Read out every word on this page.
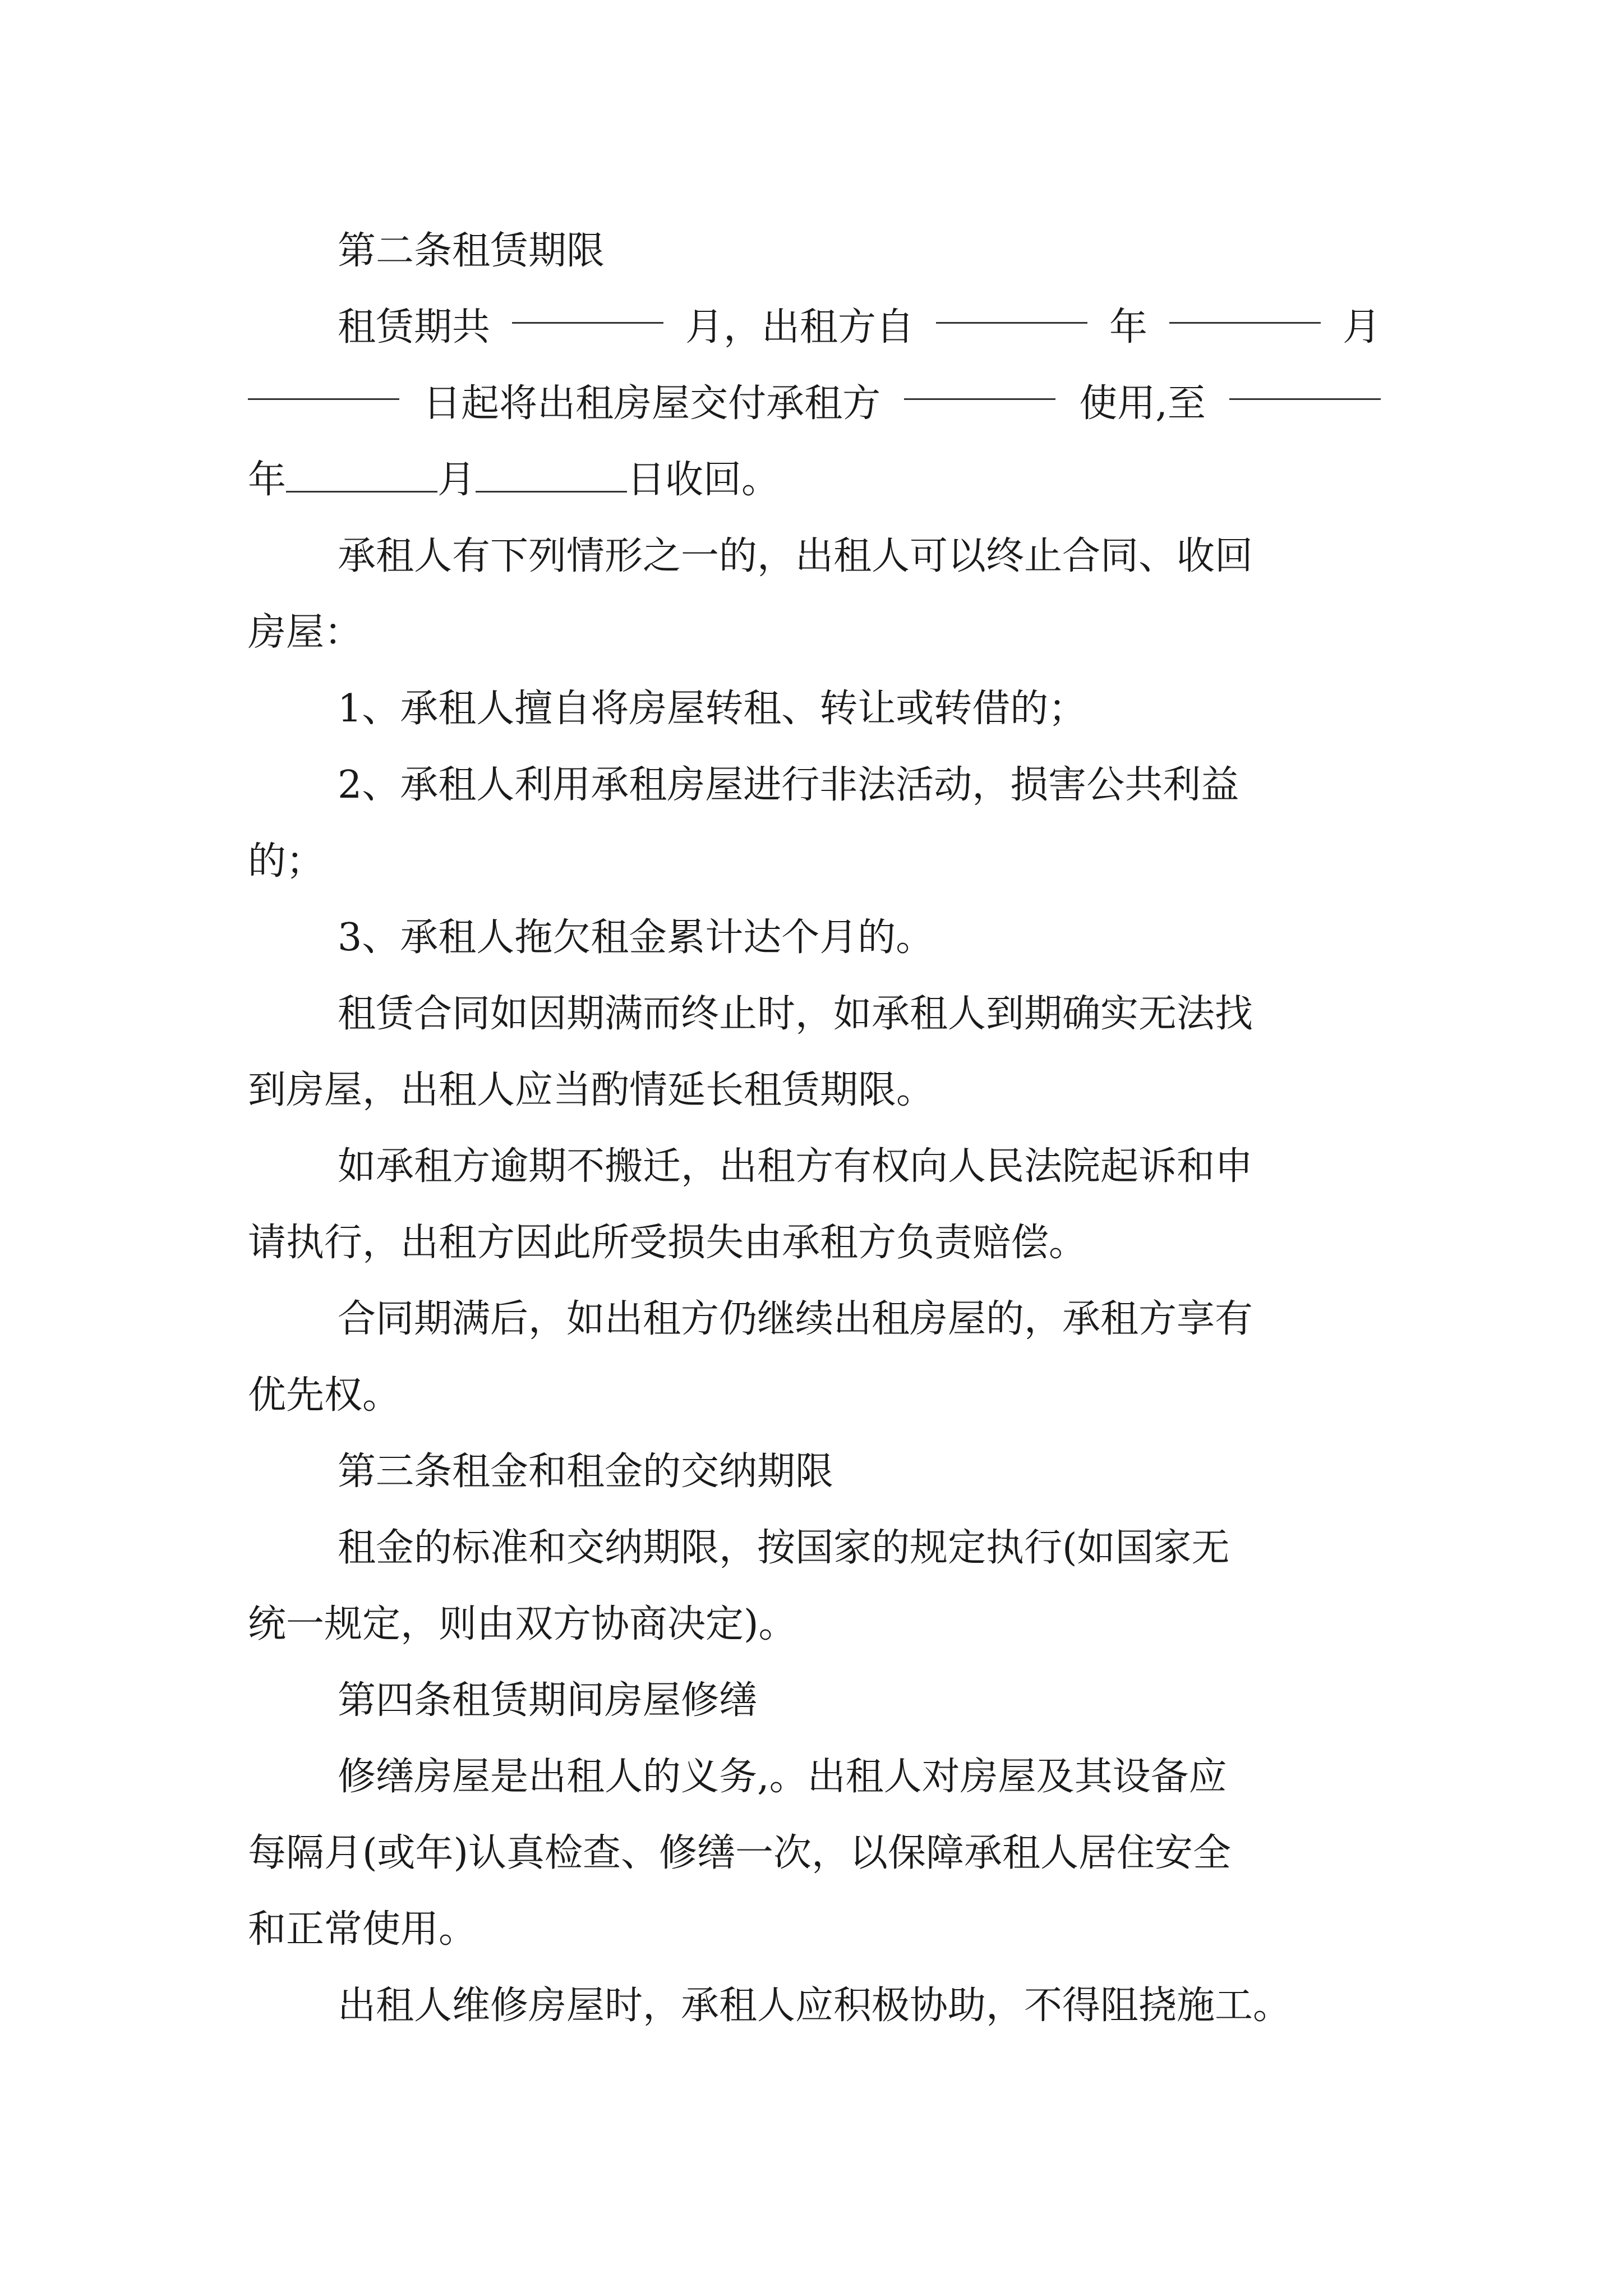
第二条租赁期限
租赁期共	月，出租方自	年	月
日起将出租房屋交付承租方	使用,至
年	月	日收回。
承租人有下列情形之一的，出租人可以终止合同、收回
房屋：
1、承租人擅自将房屋转租、转让或转借的；
2、承租人利用承租房屋进行非法活动，损害公共利益
的；
3、承租人拖欠租金累计达个月的。
租赁合同如因期满而终止时，如承租人到期确实无法找
到房屋，出租人应当酌情延长租赁期限。
如承租方逾期不搬迁，出租方有权向人民法院起诉和申
请执行，出租方因此所受损失由承租方负责赔偿。
合同期满后，如出租方仍继续出租房屋的，承租方享有
优先权。
第三条租金和租金的交纳期限
租金的标准和交纳期限，按国家的规定执行(如国家无
统一规定，则由双方协商决定)。
第四条租赁期间房屋修缮
修缮房屋是出租人的义务,。出租人对房屋及其设备应
每隔月(或年)认真检查、修缮一次，以保障承租人居住安全
和正常使用。
出租人维修房屋时，承租人应积极协助，不得阻挠施工。
